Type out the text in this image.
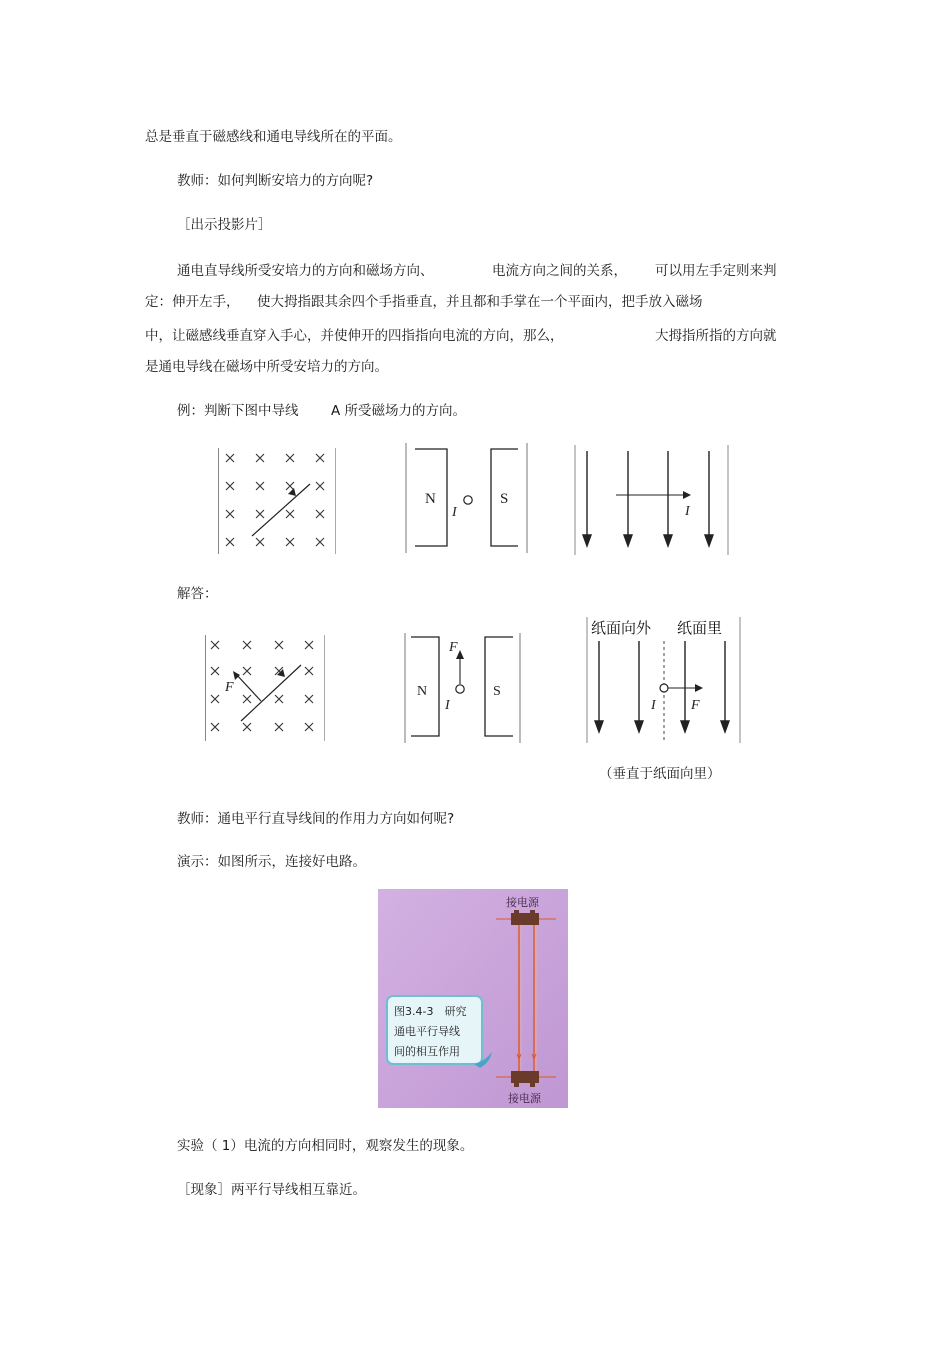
总是垂直于磁感线和通电导线所在的平面。
教师：如何判断安培力的方向呢?
［出示投影片］
通电直导线所受安培力的方向和磁场方向、	电流方向之间的关系， 可以用左手定则来判
定：伸开左手， 使大拇指跟其余四个手指垂直，并且都和手掌在一个平面内，把手放入磁场
中，让磁感线垂直穿入手心，并使伸开的四指指向电流的方向，那么，	大拇指所指的方向就
是通电导线在磁场中所受安培力的方向。
例：判断下图中导线 A 所受磁场力的方向。
N	S
I	I
解答：
F	N	S
F
I
纸面向外 纸面里
I	F
（垂直于纸面向里）
教师：通电平行直导线间的作用力方向如何呢?
演示：如图所示，连接好电路。
接电源
接电源
图3.4-3　研究
通电平行导线
间的相互作用
实验（ 1）电流的方向相同时，观察发生的现象。
［现象］两平行导线相互靠近。
